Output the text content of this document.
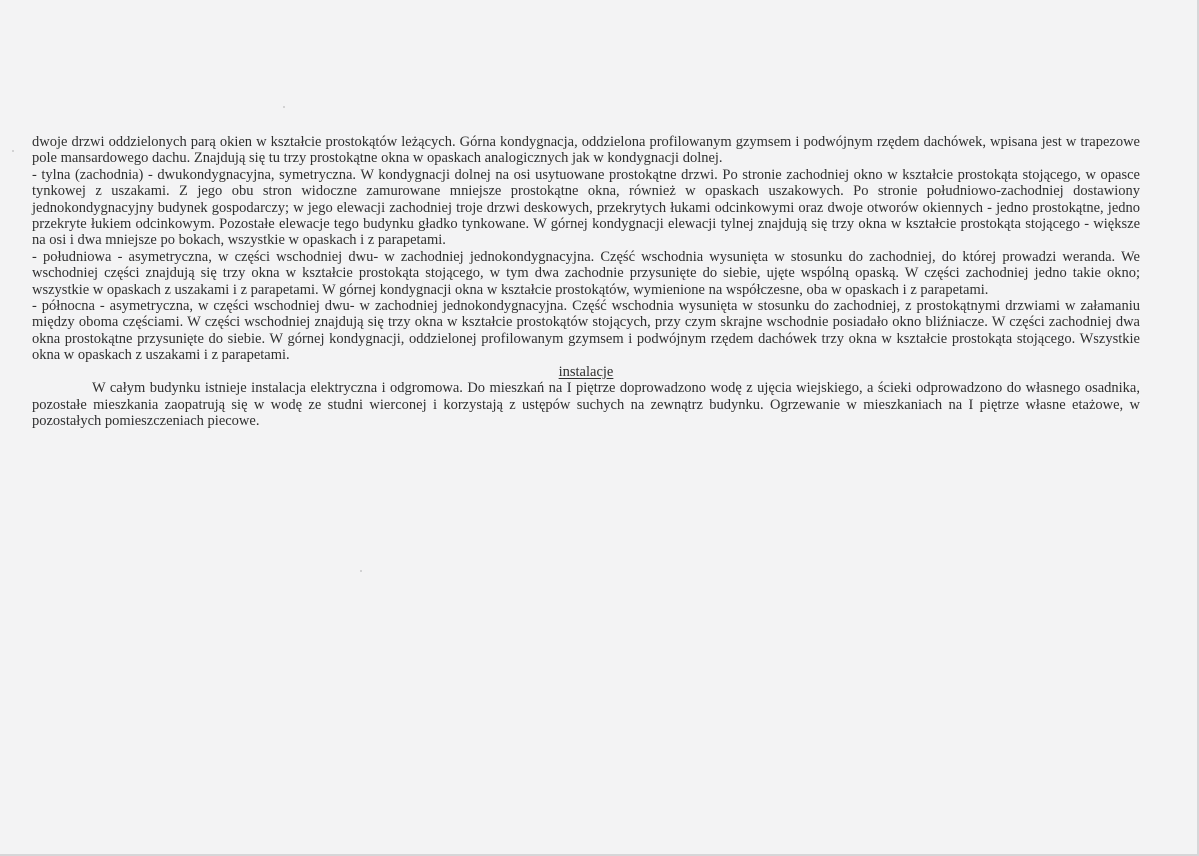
dwoje drzwi oddzielonych parą okien w kształcie prostokątów leżących. Górna kondygnacja, oddzielona profilowanym gzymsem i podwójnym rzędem dachówek, wpisana jest w trapezowe pole mansardowego dachu. Znajdują się tu trzy prostokątne okna w opaskach analogicznych jak w kondygnacji dolnej.

- tylna (zachodnia) - dwukondygnacyjna, symetryczna. W kondygnacji dolnej na osi usytuowane prostokątne drzwi. Po stronie zachodniej okno w kształcie prostokąta stojącego, w opasce tynkowej z uszakami. Z jego obu stron widoczne zamurowane mniejsze prostokątne okna, również w opaskach uszakowych. Po stronie południowo-zachodniej dostawiony jednokondygnacyjny budynek gospodarczy; w jego elewacji zachodniej troje drzwi deskowych, przekrytych łukami odcinkowymi oraz dwoje otworów okiennych - jedno prostokątne, jedno przekryte łukiem odcinkowym. Pozostałe elewacje tego budynku gładko tynkowane. W górnej kondygnacji elewacji tylnej znajdują się trzy okna w kształcie prostokąta stojącego - większe na osi i dwa mniejsze po bokach, wszystkie w opaskach i z parapetami.

- południowa - asymetryczna, w części wschodniej dwu- w zachodniej jednokondygnacyjna. Część wschodnia wysunięta w stosunku do zachodniej, do której prowadzi weranda. We wschodniej części znajdują się trzy okna w kształcie prostokąta stojącego, w tym dwa zachodnie przysunięte do siebie, ujęte wspólną opaską. W części zachodniej jedno takie okno; wszystkie w opaskach z uszakami i z parapetami. W górnej kondygnacji okna w kształcie prostokątów, wymienione na współczesne, oba w opaskach i z parapetami.

- północna - asymetryczna, w części wschodniej dwu- w zachodniej jednokondygnacyjna. Część wschodnia wysunięta w stosunku do zachodniej, z prostokątnymi drzwiami w załamaniu między oboma częściami. W części wschodniej znajdują się trzy okna w kształcie prostokątów stojących, przy czym skrajne wschodnie posiadało okno bliźniacze. W części zachodniej dwa okna prostokątne przysunięte do siebie. W górnej kondygnacji, oddzielonej profilowanym gzymsem i podwójnym rzędem dachówek trzy okna w kształcie prostokąta stojącego. Wszystkie okna w opaskach z uszakami i z parapetami.

instalacje

W całym budynku istnieje instalacja elektryczna i odgromowa. Do mieszkań na I piętrze doprowadzono wodę z ujęcia wiejskiego, a ścieki odprowadzono do własnego osadnika, pozostałe mieszkania zaopatrują się w wodę ze studni wierconej i korzystają z ustępów suchych na zewnątrz budynku. Ogrzewanie w mieszkaniach na I piętrze własne etażowe, w pozostałych pomieszczeniach piecowe.
